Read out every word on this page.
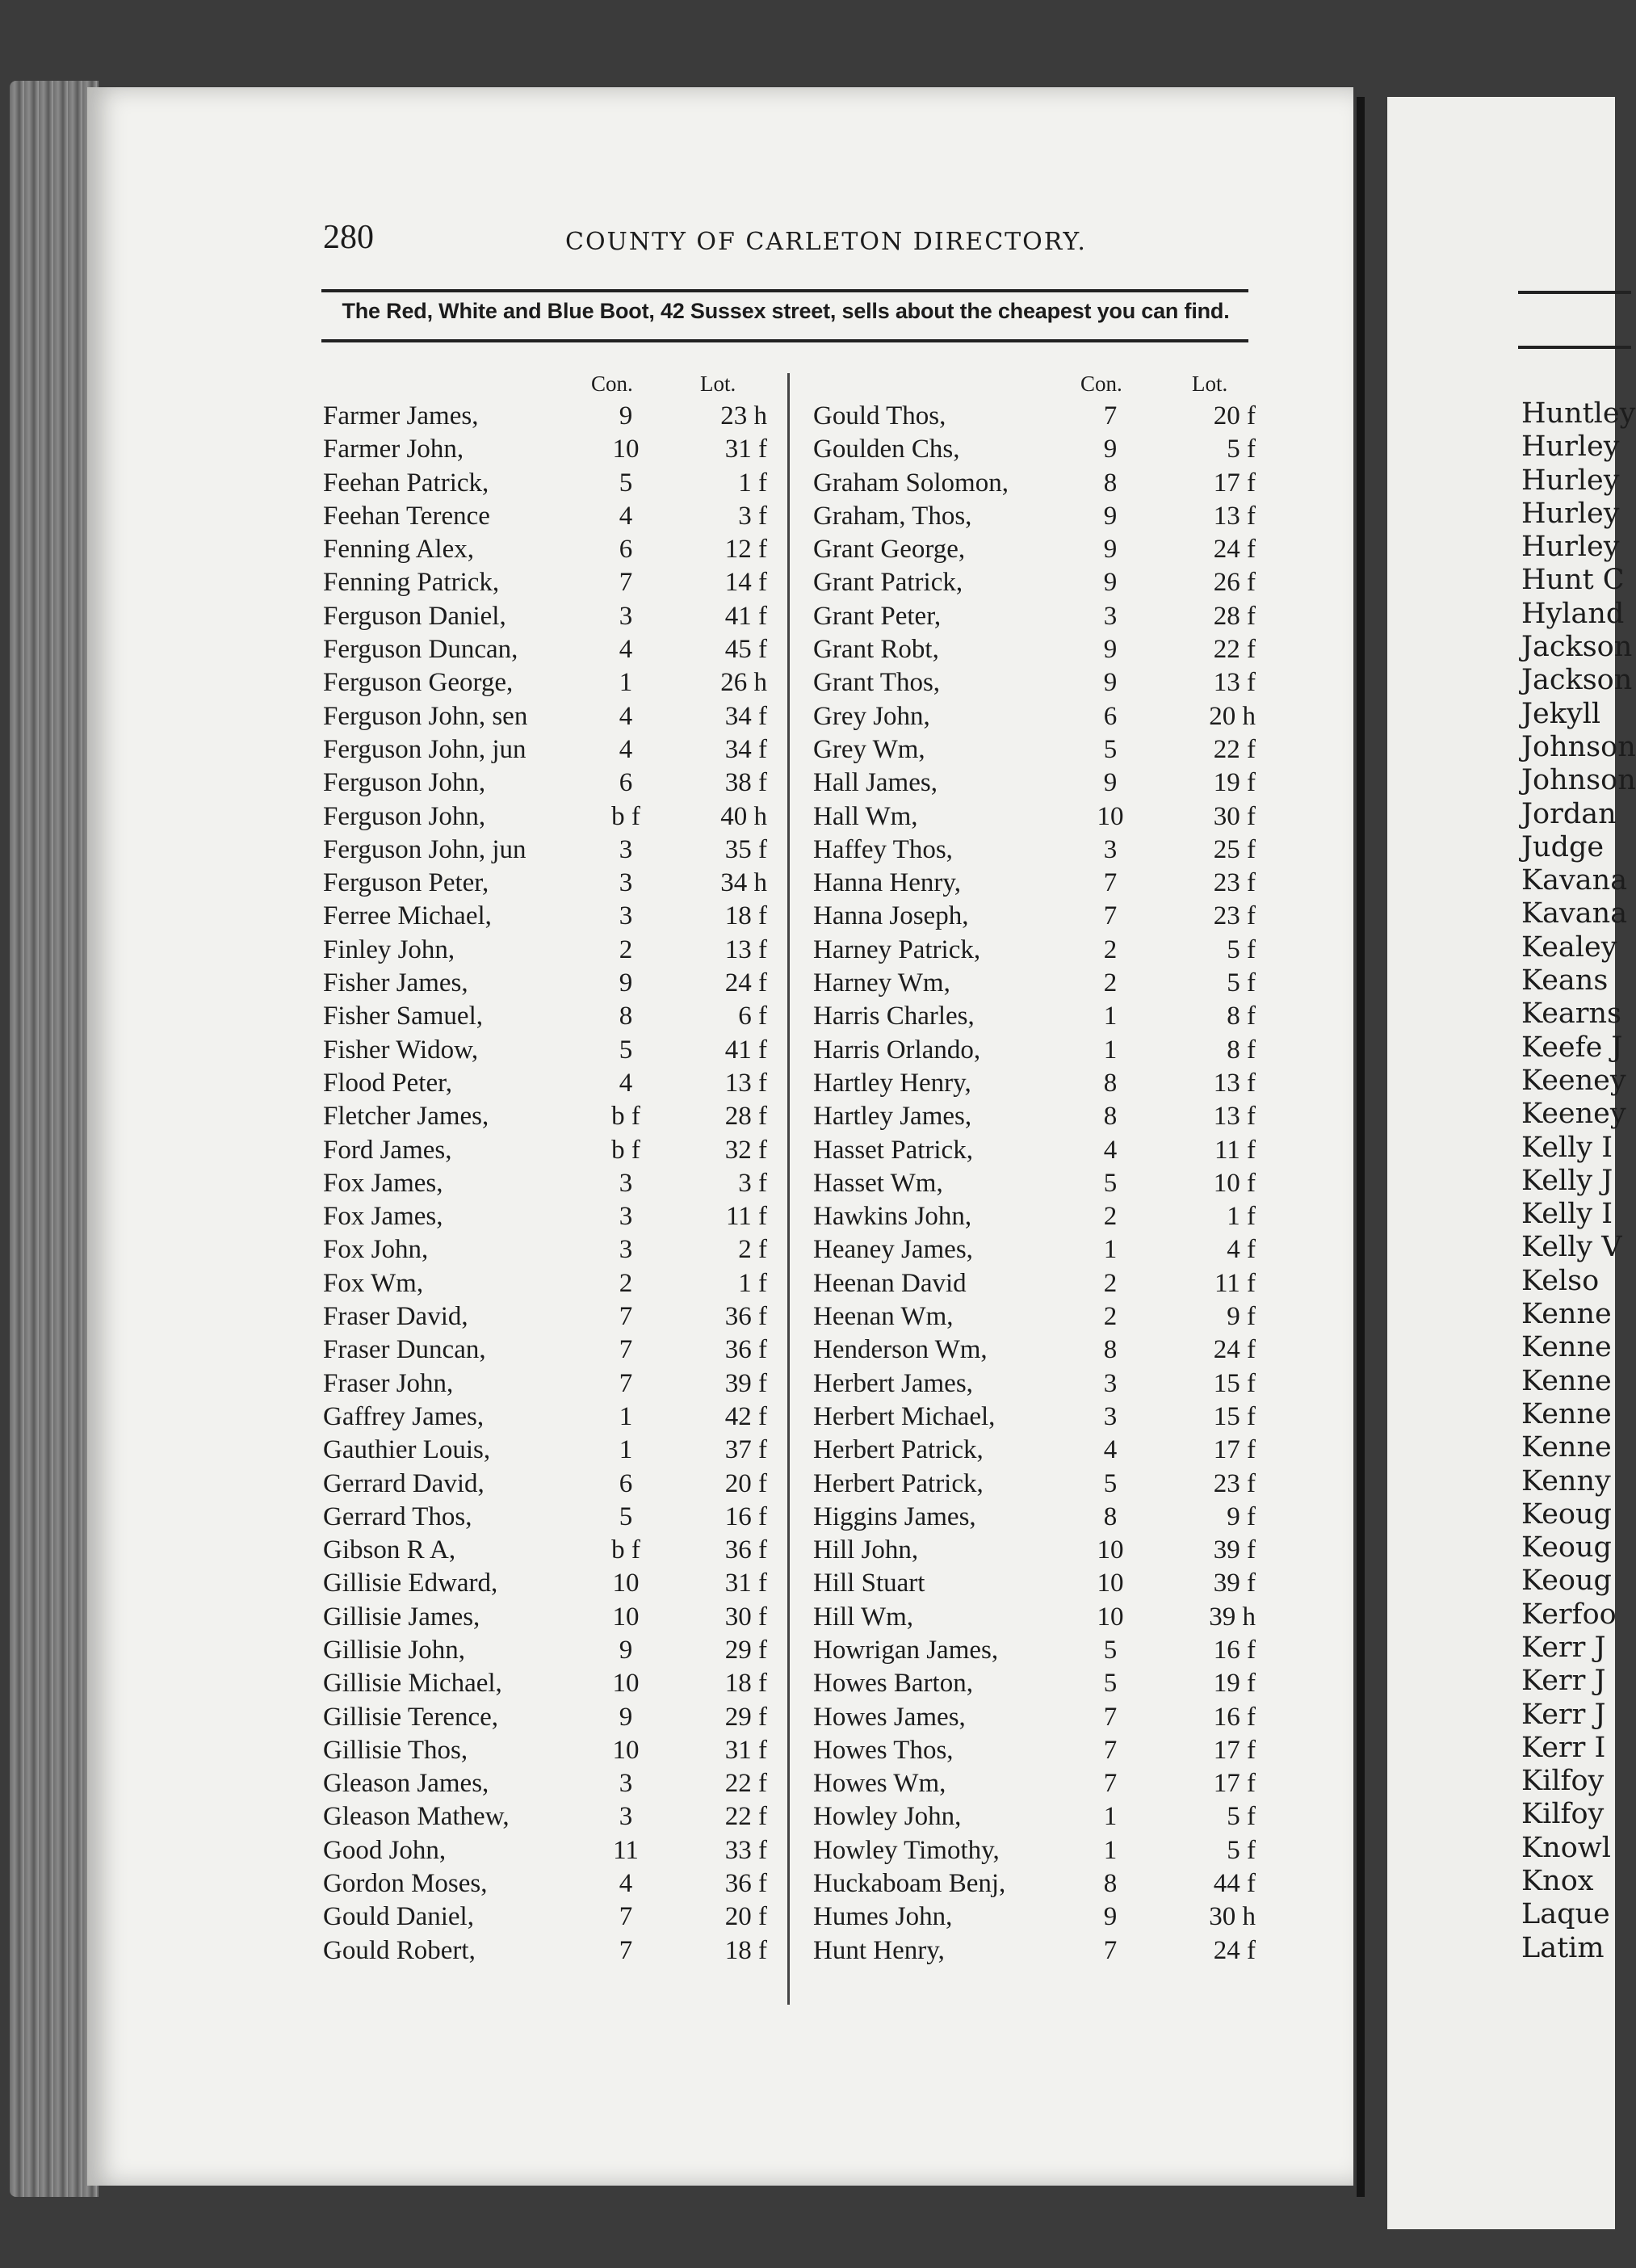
Huntley
Hurley
Hurley
Hurley
Hurley
Hunt C
Hyland
Jackson
Jackson
Jekyll
Johnson
Johnson
Jordan
Judge
Kavana
Kavana
Kealey
Keans
Kearns
Keefe J
Keeney
Keeney
Kelly I
Kelly J
Kelly I
Kelly V
Kelso
Kenne
Kenne
Kenne
Kenne
Kenne
Kenny
Keoug
Keoug
Keoug
Kerfoo
Kerr J
Kerr J
Kerr J
Kerr I
Kilfoy
Kilfoy
Knowl
Knox
Laque
Latim
280	COUNTY OF CARLETON DIRECTORY.
The Red, White and Blue Boot, 42 Sussex street, sells about the cheapest you can find.
Con.	Lot.	Con.	Lot.
Farmer James,	9	23 h
Farmer John,	10	31 f
Feehan Patrick,	5	1 f
Feehan Terence	4	3 f
Fenning Alex,	6	12 f
Fenning Patrick,	7	14 f
Ferguson Daniel,	3	41 f
Ferguson Duncan,	4	45 f
Ferguson George,	1	26 h
Ferguson John, sen	4	34 f
Ferguson John, jun	4	34 f
Ferguson John,	6	38 f
Ferguson John,	b f	40 h
Ferguson John, jun	3	35 f
Ferguson Peter,	3	34 h
Ferree Michael,	3	18 f
Finley John,	2	13 f
Fisher James,	9	24 f
Fisher Samuel,	8	6 f
Fisher Widow,	5	41 f
Flood Peter,	4	13 f
Fletcher James,	b f	28 f
Ford James,	b f	32 f
Fox James,	3	3 f
Fox James,	3	11 f
Fox John,	3	2 f
Fox Wm,	2	1 f
Fraser David,	7	36 f
Fraser Duncan,	7	36 f
Fraser John,	7	39 f
Gaffrey James,	1	42 f
Gauthier Louis,	1	37 f
Gerrard David,	6	20 f
Gerrard Thos,	5	16 f
Gibson R A,	b f	36 f
Gillisie Edward,	10	31 f
Gillisie James,	10	30 f
Gillisie John,	9	29 f
Gillisie Michael,	10	18 f
Gillisie Terence,	9	29 f
Gillisie Thos,	10	31 f
Gleason James,	3	22 f
Gleason Mathew,	3	22 f
Good John,	11	33 f
Gordon Moses,	4	36 f
Gould Daniel,	7	20 f
Gould Robert,	7	18 f
Gould Thos,	7	20 f
Goulden Chs,	9	5 f
Graham Solomon,	8	17 f
Graham, Thos,	9	13 f
Grant George,	9	24 f
Grant Patrick,	9	26 f
Grant Peter,	3	28 f
Grant Robt,	9	22 f
Grant Thos,	9	13 f
Grey John,	6	20 h
Grey Wm,	5	22 f
Hall James,	9	19 f
Hall Wm,	10	30 f
Haffey Thos,	3	25 f
Hanna Henry,	7	23 f
Hanna Joseph,	7	23 f
Harney Patrick,	2	5 f
Harney Wm,	2	5 f
Harris Charles,	1	8 f
Harris Orlando,	1	8 f
Hartley Henry,	8	13 f
Hartley James,	8	13 f
Hasset Patrick,	4	11 f
Hasset Wm,	5	10 f
Hawkins John,	2	1 f
Heaney James,	1	4 f
Heenan David	2	11 f
Heenan Wm,	2	9 f
Henderson Wm,	8	24 f
Herbert James,	3	15 f
Herbert Michael,	3	15 f
Herbert Patrick,	4	17 f
Herbert Patrick,	5	23 f
Higgins James,	8	9 f
Hill John,	10	39 f
Hill Stuart	10	39 f
Hill Wm,	10	39 h
Howrigan James,	5	16 f
Howes Barton,	5	19 f
Howes James,	7	16 f
Howes Thos,	7	17 f
Howes Wm,	7	17 f
Howley John,	1	5 f
Howley Timothy,	1	5 f
Huckaboam Benj,	8	44 f
Humes John,	9	30 h
Hunt Henry,	7	24 f
